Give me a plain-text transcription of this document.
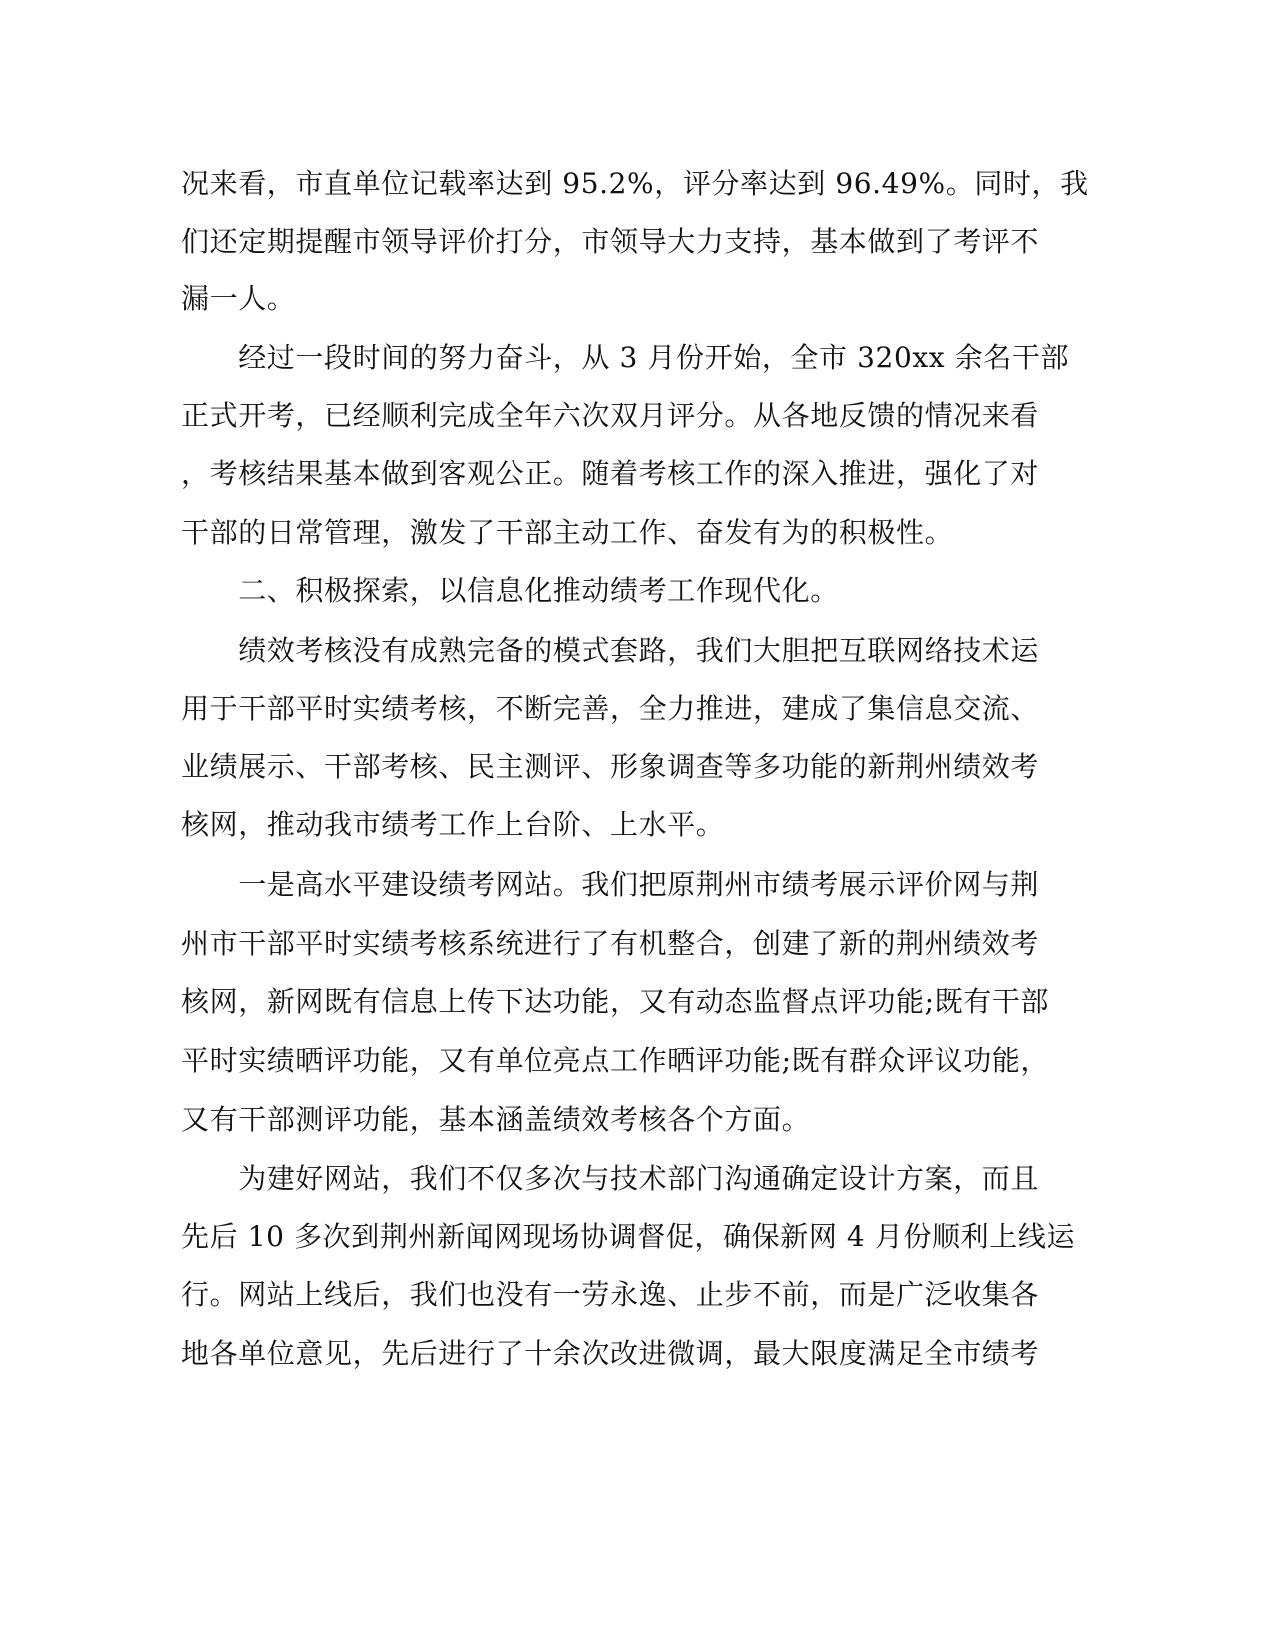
况来看，市直单位记载率达到 95.2%，评分率达到 96.49%。同时，我
们还定期提醒市领导评价打分，市领导大力支持，基本做到了考评不
漏一人。
　　经过一段时间的努力奋斗，从 3 月份开始，全市 320xx 余名干部
正式开考，已经顺利完成全年六次双月评分。从各地反馈的情况来看
，考核结果基本做到客观公正。随着考核工作的深入推进，强化了对
干部的日常管理，激发了干部主动工作、奋发有为的积极性。
　　二、积极探索，以信息化推动绩考工作现代化。
　　绩效考核没有成熟完备的模式套路，我们大胆把互联网络技术运
用于干部平时实绩考核，不断完善，全力推进，建成了集信息交流、
业绩展示、干部考核、民主测评、形象调查等多功能的新荆州绩效考
核网，推动我市绩考工作上台阶、上水平。
　　一是高水平建设绩考网站。我们把原荆州市绩考展示评价网与荆
州市干部平时实绩考核系统进行了有机整合，创建了新的荆州绩效考
核网，新网既有信息上传下达功能，又有动态监督点评功能;既有干部
平时实绩晒评功能，又有单位亮点工作晒评功能;既有群众评议功能，
又有干部测评功能，基本涵盖绩效考核各个方面。
　　为建好网站，我们不仅多次与技术部门沟通确定设计方案，而且
先后 10 多次到荆州新闻网现场协调督促，确保新网 4 月份顺利上线运
行。网站上线后，我们也没有一劳永逸、止步不前，而是广泛收集各
地各单位意见，先后进行了十余次改进微调，最大限度满足全市绩考
